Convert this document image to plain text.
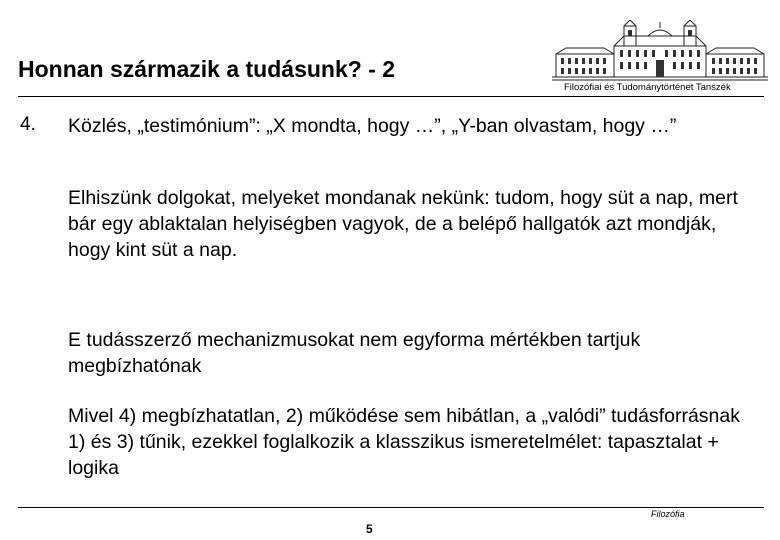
Honnan származik a tudásunk? - 2
Filozófiai és Tudománytörténet Tanszék
4. Közlés, „testimónium”: „X mondta, hogy …”, „Y-ban olvastam, hogy …”
Elhiszünk dolgokat, melyeket mondanak nekünk: tudom, hogy süt a nap, mert bár egy ablaktalan helyiségben vagyok, de a belépő hallgatók azt mondják, hogy kint süt a nap.
E tudásszerző mechanizmusokat nem egyforma mértékben tartjuk megbízhatónak
Mivel 4) megbízhatatlan, 2) működése sem hibátlan, a „valódi” tudásforrásnak 1) és 3) tűnik, ezekkel foglalkozik a klasszikus ismeretelmélet: tapasztalat + logika
Filozófia
5
